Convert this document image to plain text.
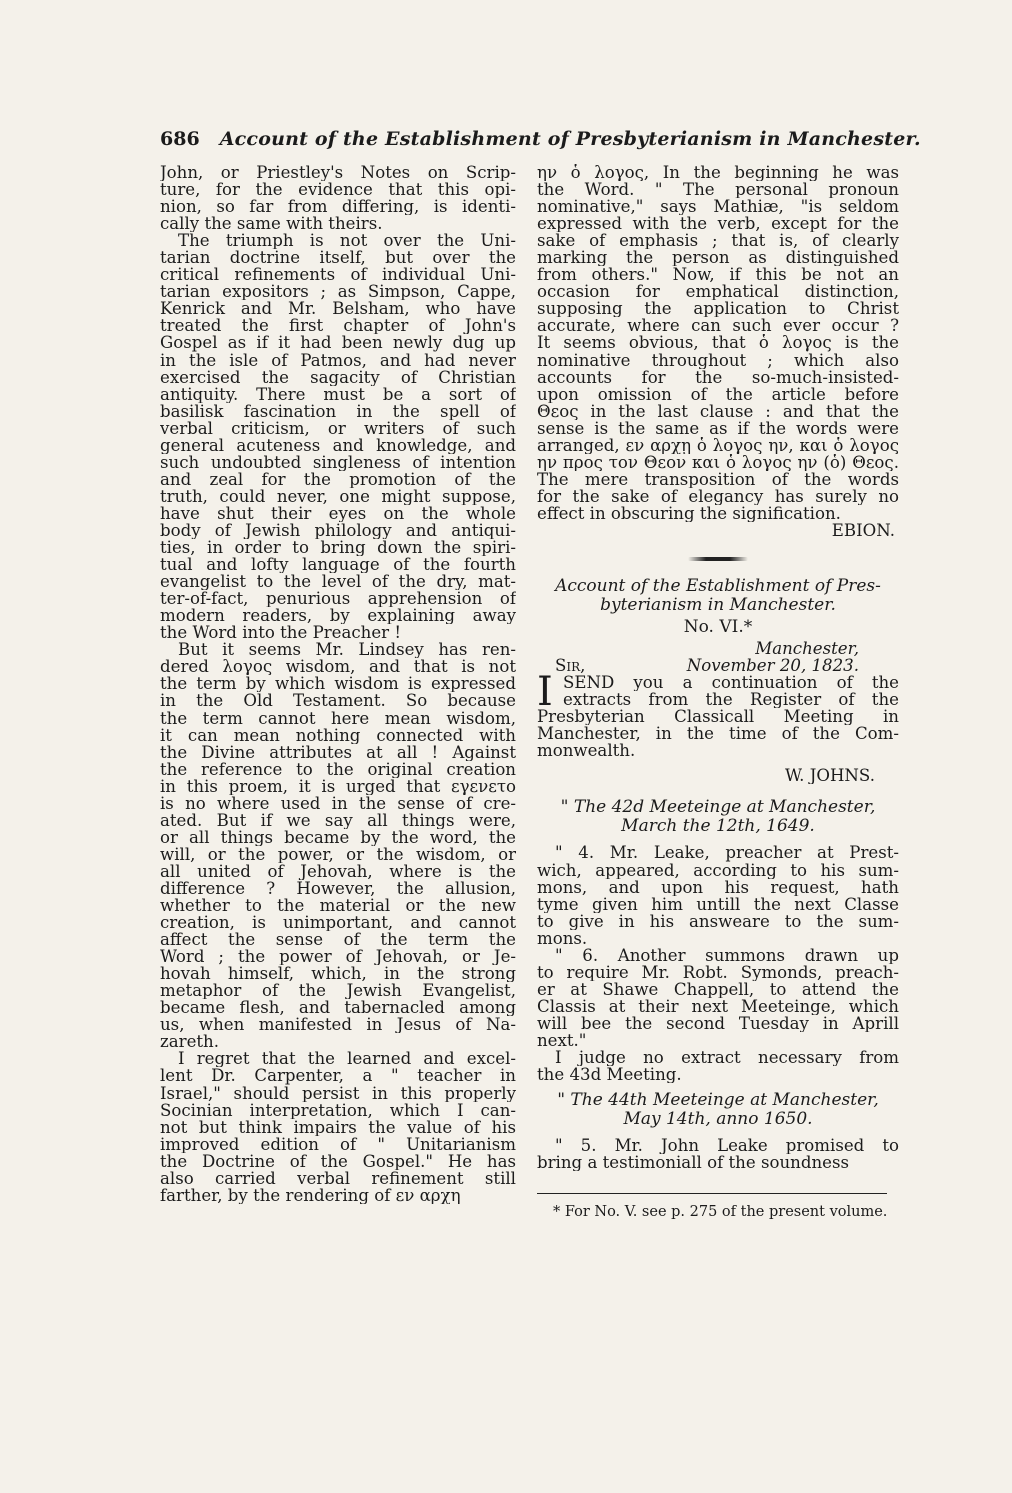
686 Account of the Establishment of Presbyterianism in Manchester.
John, or Priestley's Notes on Scrip-
ture, for the evidence that this opi-
nion, so far from differing, is identi-
cally the same with theirs.
The triumph is not over the Uni-
tarian doctrine itself, but over the
critical refinements of individual Uni-
tarian expositors ; as Simpson, Cappe,
Kenrick and Mr. Belsham, who have
treated the first chapter of John's
Gospel as if it had been newly dug up
in the isle of Patmos, and had never
exercised the sagacity of Christian
antiquity. There must be a sort of
basilisk fascination in the spell of
verbal criticism, or writers of such
general acuteness and knowledge, and
such undoubted singleness of intention
and zeal for the promotion of the
truth, could never, one might suppose,
have shut their eyes on the whole
body of Jewish philology and antiqui-
ties, in order to bring down the spiri-
tual and lofty language of the fourth
evangelist to the level of the dry, mat-
ter-of-fact, penurious apprehension of
modern readers, by explaining away
the Word into the Preacher !
But it seems Mr. Lindsey has ren-
dered λογος wisdom, and that is not
the term by which wisdom is expressed
in the Old Testament. So because
the term cannot here mean wisdom,
it can mean nothing connected with
the Divine attributes at all ! Against
the reference to the original creation
in this proem, it is urged that εγενετο
is no where used in the sense of cre-
ated. But if we say all things were,
or all things became by the word, the
will, or the power, or the wisdom, or
all united of Jehovah, where is the
difference ? However, the allusion,
whether to the material or the new
creation, is unimportant, and cannot
affect the sense of the term the
Word ; the power of Jehovah, or Je-
hovah himself, which, in the strong
metaphor of the Jewish Evangelist,
became flesh, and tabernacled among
us, when manifested in Jesus of Na-
zareth.
I regret that the learned and excel-
lent Dr. Carpenter, a " teacher in
Israel," should persist in this properly
Socinian interpretation, which I can-
not but think impairs the value of his
improved edition of " Unitarianism
the Doctrine of the Gospel." He has
also carried verbal refinement still
farther, by the rendering of εν αρχη
ην ὁ λογος, In the beginning he was
the Word. " The personal pronoun
nominative," says Mathiæ, "is seldom
expressed with the verb, except for the
sake of emphasis ; that is, of clearly
marking the person as distinguished
from others." Now, if this be not an
occasion for emphatical distinction,
supposing the application to Christ
accurate, where can such ever occur ?
It seems obvious, that ὁ λογος is the
nominative throughout ; which also
accounts for the so-much-insisted-
upon omission of the article before
Θεος in the last clause : and that the
sense is the same as if the words were
arranged, εν αρχῃ ὁ λογος ην, και ὁ λογος
ην προς τον Θεον και ὁ λογος ην (ὁ) Θεος.
The mere transposition of the words
for the sake of elegancy has surely no
effect in obscuring the signification.
EBION.
Account of the Establishment of Pres-
byterianism in Manchester.
No. VI.*
Manchester,
Sir,	November 20, 1823.
I SEND you a continuation of the
extracts from the Register of the
Presbyterian Classicall Meeting in
Manchester, in the time of the Com-
monwealth.
W. JOHNS.
" The 42d Meeteinge at Manchester,
March the 12th, 1649.
" 4. Mr. Leake, preacher at Prest-
wich, appeared, according to his sum-
mons, and upon his request, hath
tyme given him untill the next Classe
to give in his answeare to the sum-
mons.
" 6. Another summons drawn up
to require Mr. Robt. Symonds, preach-
er at Shawe Chappell, to attend the
Classis at their next Meeteinge, which
will bee the second Tuesday in Aprill
next."
I judge no extract necessary from
the 43d Meeting.
" The 44th Meeteinge at Manchester,
May 14th, anno 1650.
" 5. Mr. John Leake promised to
bring a testimoniall of the soundness
* For No. V. see p. 275 of the present volume.
